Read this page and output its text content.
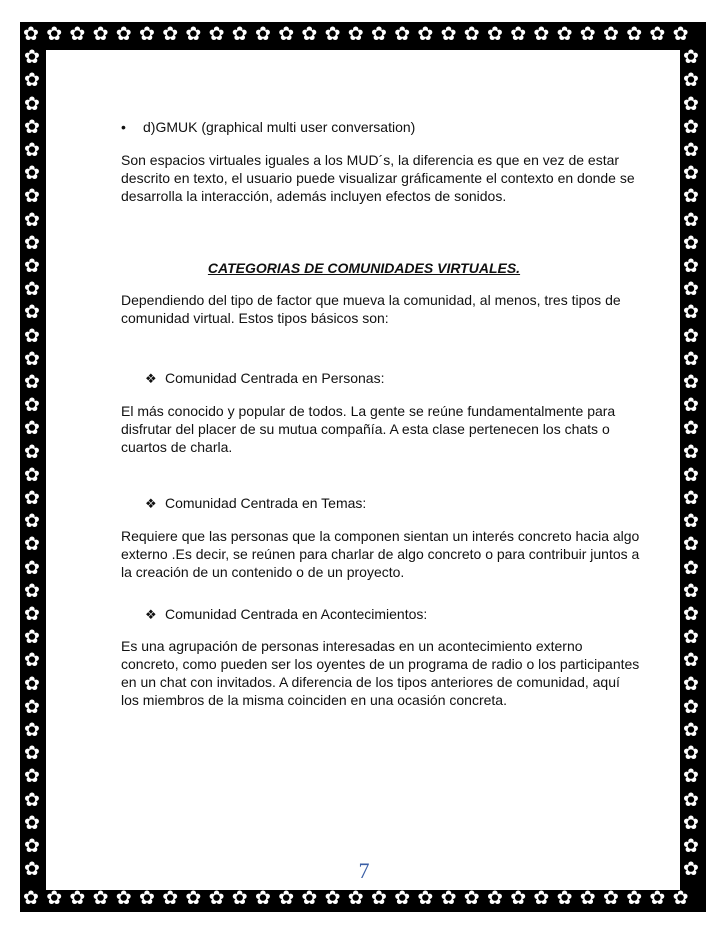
✿
✿
✿
✿
✿
✿
✿
✿
✿
✿
✿
✿
✿
✿
✿
✿
✿
✿
✿
✿
✿
✿
✿
✿
✿
✿
✿
✿
✿
✿
✿
✿
✿
✿
✿
✿
✿
✿
✿
✿
✿
✿
✿
✿
✿
✿
✿
✿
✿
✿
✿
✿
✿
✿
✿
✿
✿
✿
✿	✿
✿	✿
✿	✿
✿	✿
✿	✿
✿	✿
✿	✿
✿	✿
✿	✿
✿	✿
✿	✿
✿	✿
✿	✿
✿	✿
✿	✿
✿	✿
✿	✿
✿	✿
✿	✿
✿	✿
✿	✿
✿	✿
✿	✿
✿	✿
✿	✿
✿	✿
✿	✿
✿	✿
✿	✿
✿	✿
✿	✿
✿	✿
✿	✿
✿	✿
✿	✿
✿	✿
• d)GMUK (graphical multi user conversation)

Son espacios virtuales iguales a los MUD´s, la diferencia es que en vez de estar descrito en texto, el usuario puede visualizar gráficamente el contexto en donde se desarrolla la interacción, además incluyen efectos de sonidos.

CATEGORIAS DE COMUNIDADES VIRTUALES.

Dependiendo del tipo de factor que mueva la comunidad, al menos, tres tipos de comunidad virtual. Estos tipos básicos son:

❖ Comunidad Centrada en Personas:

El más conocido y popular de todos. La gente se reúne fundamentalmente para disfrutar del placer de su mutua compañía. A esta clase pertenecen los chats o cuartos de charla.

❖ Comunidad Centrada en Temas:

Requiere que las personas que la componen sientan un interés concreto hacia algo externo .Es decir, se reúnen para charlar de algo concreto o para contribuir juntos a la creación de un contenido o de un proyecto.

❖ Comunidad Centrada en Acontecimientos:

Es una agrupación de personas interesadas en un acontecimiento externo concreto, como pueden ser los oyentes de un programa de radio o los participantes en un chat con invitados. A diferencia de los tipos anteriores de comunidad, aquí los miembros de la misma coinciden en una ocasión concreta.

7
